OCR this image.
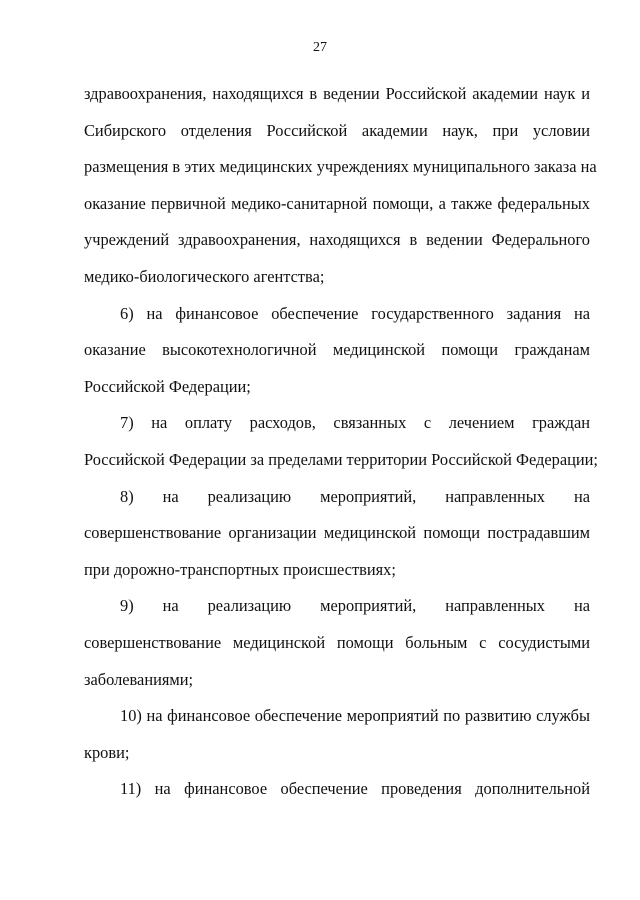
27
здравоохранения, находящихся в ведении Российской академии наук и
Сибирского отделения Российской академии наук, при условии
размещения в этих медицинских учреждениях муниципального заказа на
оказание первичной медико-санитарной помощи, а также федеральных
учреждений здравоохранения, находящихся в ведении Федерального
медико-биологического агентства;
6) на финансовое обеспечение государственного задания на
оказание высокотехнологичной медицинской помощи гражданам
Российской Федерации;
7) на оплату расходов, связанных с лечением граждан
Российской Федерации за пределами территории Российской Федерации;
8) на реализацию мероприятий, направленных на
совершенствование организации медицинской помощи пострадавшим
при дорожно-транспортных происшествиях;
9) на реализацию мероприятий, направленных на
совершенствование медицинской помощи больным с сосудистыми
заболеваниями;
10) на финансовое обеспечение мероприятий по развитию службы
крови;
11) на финансовое обеспечение проведения дополнительной
